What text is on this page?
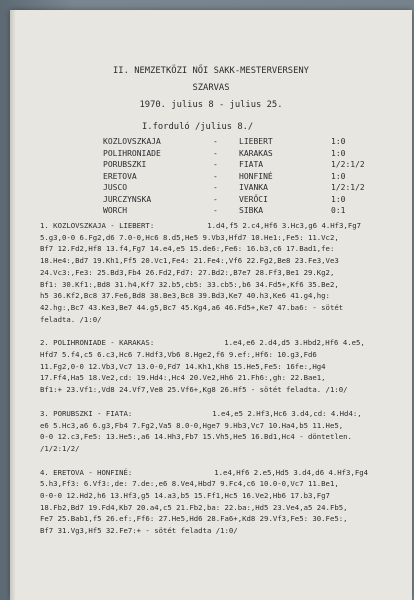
II. NEMZETKÖZI NŐI SAKK-MESTERVERSENY
SZARVAS
1970. julius 8 - julius 25.
I.forduló /julius 8./
KOZLOVSZKAJA	-	LIEBERT	1:0
POLIHRONIADE	-	KARAKAS	1:0
PORUBSZKI	-	FIATA	1/2:1/2
ERETOVA	-	HONFINÉ	1:0
JUSCO	-	IVANKA	1/2:1/2
JURCZYNSKA	-	VERŐCI	1:0
WORCH	-	SIBKA	0:1
1. KOZLOVSZKAJA - LIEBERT:	1.d4,f5 2.c4,Hf6 3.Hc3,g6 4.Hf3,Fg7
5.g3,0-0 6.Fg2,d6 7.0-0,Hc6 8.d5,He5 9.Vb3,Hfd7 10.He1:,Fe5: 11.Vc2,
Bf7 12.Fd2,Hf8 13.f4,Fg7 14.e4,e5 15.de6:,Fe6: 16.b3,c6 17.Bad1,fe:
18.He4:,Bd7 19.Kh1,Ff5 20.Vc1,Fe4: 21.Fe4:,Vf6 22.Fg2,Be8 23.Fe3,Ve3
24.Vc3:,Fe3: 25.Bd3,Fb4 26.Fd2,Fd7: 27.Bd2:,B7e7 28.Ff3,Be1 29.Kg2,
Bf1: 30.Kf1:,Bd8 31.h4,Kf7 32.b5,cb5: 33.cb5:,b6 34.Fd5+,Kf6 35.Be2,
h5 36.Kf2,Bc8 37.Fe6,Bd8 38.Be3,Bc8 39.Bd3,Ke7 40.h3,Ke6 41.g4,hg:
42.hg:,Bc7 43.Ke3,Be7 44.g5,Bc7 45.Kg4,a6 46.Fd5+,Ke7 47.ba6: - sötét
feladta. /1:0/
2. POLIHRONIADE - KARAKAS:	1.e4,e6 2.d4,d5 3.Hbd2,Hf6 4.e5,
Hfd7 5.f4,c5 6.c3,Hc6 7.Hdf3,Vb6 8.Hge2,f6 9.ef:,Hf6: 10.g3,Fd6
11.Fg2,0-0 12.Vb3,Vc7 13.0-0,Fd7 14.Kh1,Kh8 15.He5,Fe5: 16fe:,Hg4
17.Ff4,Ha5 18.Ve2,cd: 19.Hd4:,Hc4 20.Ve2,Hh6 21.Fh6:,gh: 22.Bae1,
Bf1:+ 23.Vf1:,Vd8 24.Vf7,Ve8 25.Vf6+,Kg8 26.Hf5 - sötét feladta. /1:0/
3. PORUBSZKI - FIATA:	1.e4,e5 2.Hf3,Hc6 3.d4,cd: 4.Hd4:,
e6 5.Hc3,a6 6.g3,Fb4 7.Fg2,Va5 8.0-0,Hge7 9.Hb3,Vc7 10.Ha4,b5 11.He5,
0-0 12.c3,Fe5: 13.He5:,a6 14.Hh3,Fb7 15.Vh5,He5 16.Bd1,Hc4 - döntetlen.
/1/2:1/2/
4. ERETOVA - HONFINÉ:	1.e4,Hf6 2.e5,Hd5 3.d4,d6 4.Hf3,Fg4
5.h3,Ff3: 6.Vf3:,de: 7.de:,e6 8.Ve4,Hbd7 9.Fc4,c6 10.0-0,Vc7 11.Be1,
0-0-0 12.Hd2,h6 13.Hf3,g5 14.a3,b5 15.Ff1,Hc5 16.Ve2,Hb6 17.b3,Fg7
18.Fb2,Bd7 19.Fd4,Kb7 20.a4,c5 21.Fb2,ba: 22.ba:,Hd5 23.Ve4,a5 24.Fb5,
Fe7 25.Bab1,f5 26.ef:,Ff6: 27.He5,Hd6 28.Fa6+,Kd8 29.Vf3,Fe5: 30.Fe5:,
Bf7 31.Vg3,Hf5 32.Fe7:+ - sötét feladta /1:0/
